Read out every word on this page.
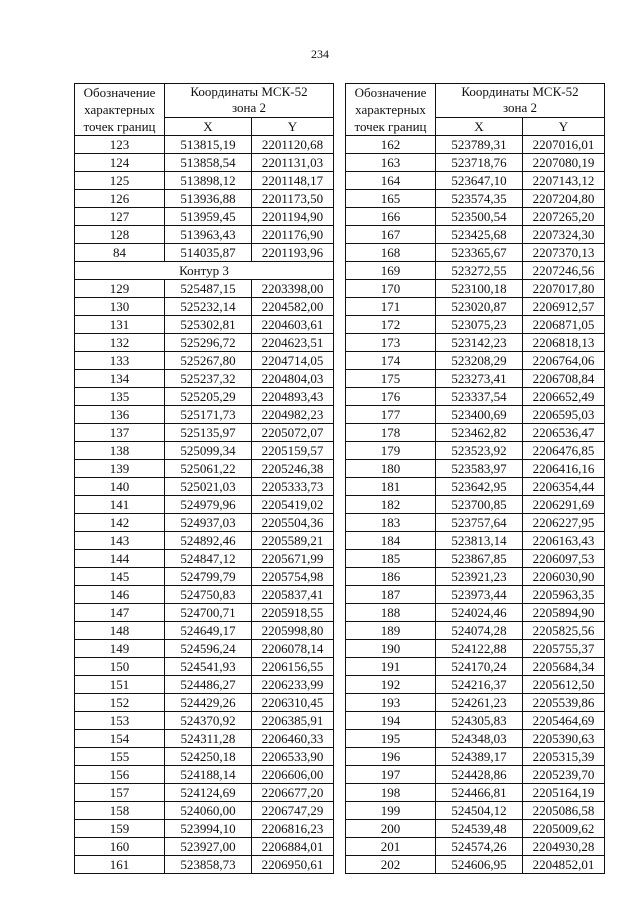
234
Обозначение
характерных
точек границ	Координаты МСК-52
зона 2	
	X	Y
123	513815,19	2201120,68
124	513858,54	2201131,03
125	513898,12	2201148,17
126	513936,88	2201173,50
127	513959,45	2201194,90
128	513963,43	2201176,90
84	514035,87	2201193,96
Контур 3		
129	525487,15	2203398,00
130	525232,14	2204582,00
131	525302,81	2204603,61
132	525296,72	2204623,51
133	525267,80	2204714,05
134	525237,32	2204804,03
135	525205,29	2204893,43
136	525171,73	2204982,23
137	525135,97	2205072,07
138	525099,34	2205159,57
139	525061,22	2205246,38
140	525021,03	2205333,73
141	524979,96	2205419,02
142	524937,03	2205504,36
143	524892,46	2205589,21
144	524847,12	2205671,99
145	524799,79	2205754,98
146	524750,83	2205837,41
147	524700,71	2205918,55
148	524649,17	2205998,80
149	524596,24	2206078,14
150	524541,93	2206156,55
151	524486,27	2206233,99
152	524429,26	2206310,45
153	524370,92	2206385,91
154	524311,28	2206460,33
155	524250,18	2206533,90
156	524188,14	2206606,00
157	524124,69	2206677,20
158	524060,00	2206747,29
159	523994,10	2206816,23
160	523927,00	2206884,01
161	523858,73	2206950,61
Обозначение
характерных
точек границ	Координаты МСК-52
зона 2	
	X	Y
162	523789,31	2207016,01
163	523718,76	2207080,19
164	523647,10	2207143,12
165	523574,35	2207204,80
166	523500,54	2207265,20
167	523425,68	2207324,30
168	523365,67	2207370,13
169	523272,55	2207246,56
170	523100,18	2207017,80
171	523020,87	2206912,57
172	523075,23	2206871,05
173	523142,23	2206818,13
174	523208,29	2206764,06
175	523273,41	2206708,84
176	523337,54	2206652,49
177	523400,69	2206595,03
178	523462,82	2206536,47
179	523523,92	2206476,85
180	523583,97	2206416,16
181	523642,95	2206354,44
182	523700,85	2206291,69
183	523757,64	2206227,95
184	523813,14	2206163,43
185	523867,85	2206097,53
186	523921,23	2206030,90
187	523973,44	2205963,35
188	524024,46	2205894,90
189	524074,28	2205825,56
190	524122,88	2205755,37
191	524170,24	2205684,34
192	524216,37	2205612,50
193	524261,23	2205539,86
194	524305,83	2205464,69
195	524348,03	2205390,63
196	524389,17	2205315,39
197	524428,86	2205239,70
198	524466,81	2205164,19
199	524504,12	2205086,58
200	524539,48	2205009,62
201	524574,26	2204930,28
202	524606,95	2204852,01
